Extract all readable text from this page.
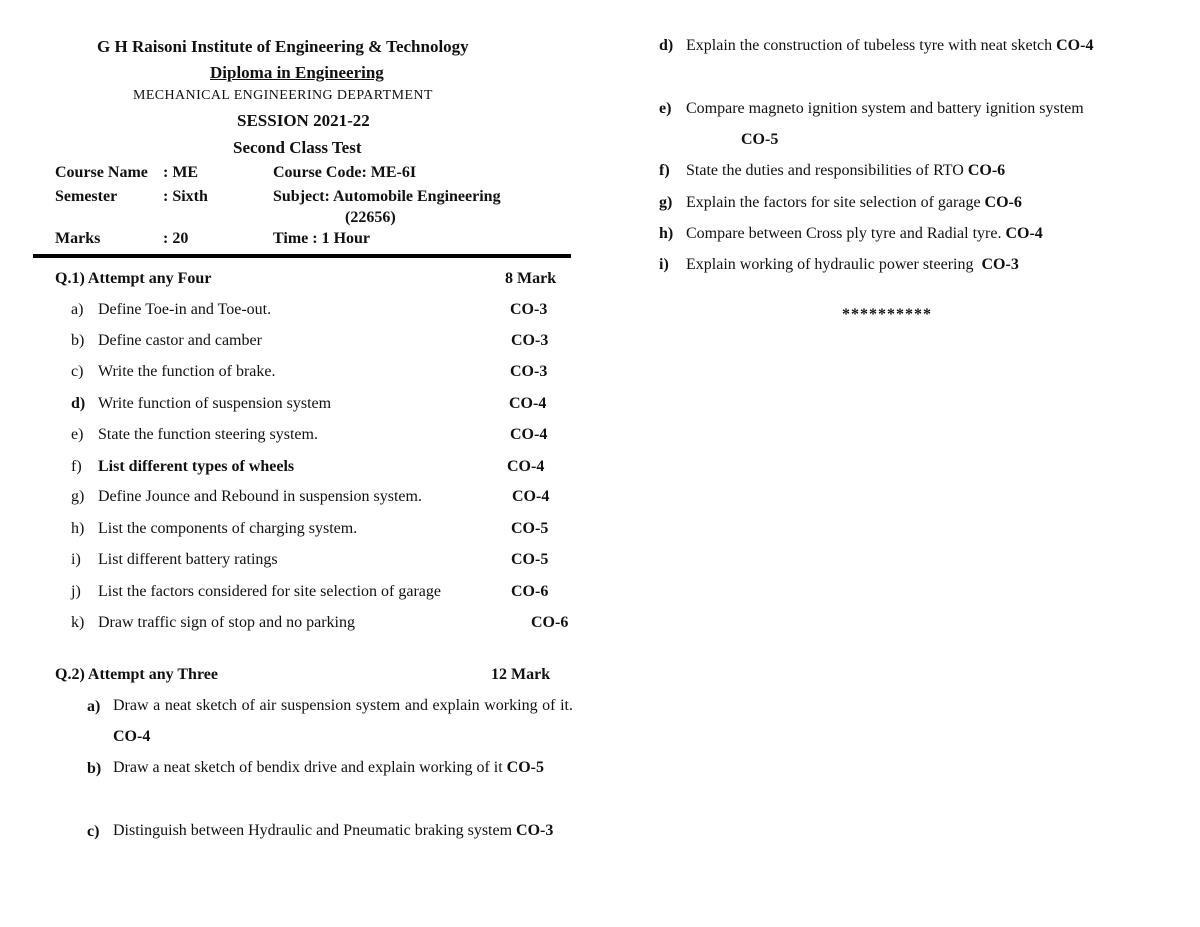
G H Raisoni Institute of Engineering & Technology
Diploma in Engineering
MECHANICAL ENGINEERING DEPARTMENT
SESSION 2021-22
Second Class Test
Course Name : ME	Course Code: ME-6I
Semester	: Sixth	Subject: Automobile Engineering
(22656)
Marks	: 20	Time : 1 Hour
Q.1) Attempt any Four	8 Mark
a) Define Toe-in and Toe-out.	CO-3
b) Define castor and camber	CO-3
c) Write the function of brake.	CO-3
d) Write function of suspension system	CO-4
e) State the function steering system.	CO-4
f) List different types of wheels	CO-4
g) Define Jounce and Rebound in suspension system.	CO-4
h) List the components of charging system.	CO-5
i) List different battery ratings	CO-5
j) List the factors considered for site selection of garage	CO-6
k) Draw traffic sign of stop and no parking	CO-6
Q.2) Attempt any Three	12 Mark
a) Draw a neat sketch of air suspension system and explain working of it. CO-4
b) Draw a neat sketch of bendix drive and explain working of it CO-5
c) Distinguish between Hydraulic and Pneumatic braking system CO-3
d) Explain the construction of tubeless tyre with neat sketch CO-4
e) Compare magneto ignition system and battery ignition system
CO-5
f) State the duties and responsibilities of RTO CO-6
g) Explain the factors for site selection of garage CO-6
h) Compare between Cross ply tyre and Radial tyre. CO-4
i) Explain working of hydraulic power steering CO-3
**********
